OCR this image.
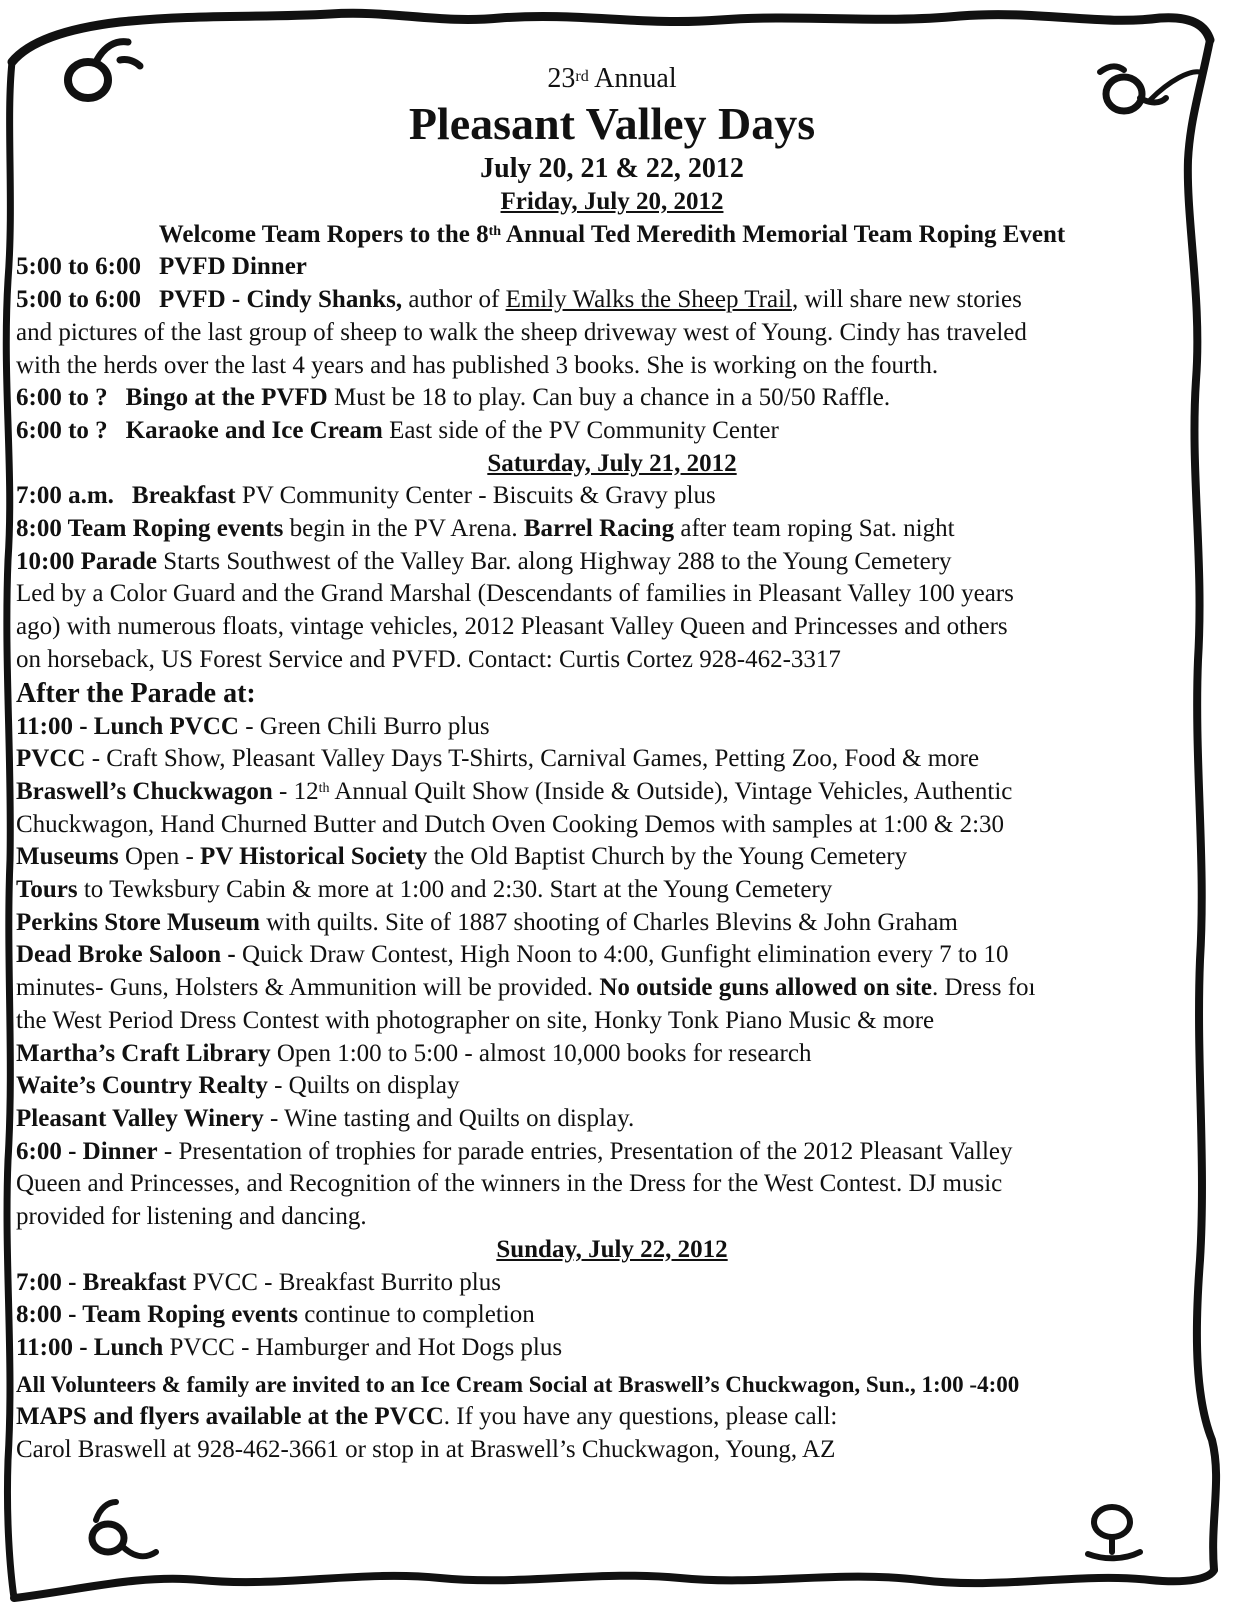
23rd Annual
Pleasant Valley Days
July 20, 21 & 22, 2012
Friday, July 20, 2012
Welcome Team Ropers to the 8th Annual Ted Meredith Memorial Team Roping Event
5:00 to 6:00 PVFD Dinner
5:00 to 6:00 PVFD - Cindy Shanks, author of Emily Walks the Sheep Trail, will share new stories
and pictures of the last group of sheep to walk the sheep driveway west of Young. Cindy has traveled
with the herds over the last 4 years and has published 3 books. She is working on the fourth.
6:00 to ? Bingo at the PVFD Must be 18 to play. Can buy a chance in a 50/50 Raffle.
6:00 to ? Karaoke and Ice Cream East side of the PV Community Center
Saturday, July 21, 2012
7:00 a.m. Breakfast PV Community Center - Biscuits & Gravy plus
8:00 Team Roping events begin in the PV Arena. Barrel Racing after team roping Sat. night
10:00 Parade Starts Southwest of the Valley Bar. along Highway 288 to the Young Cemetery
Led by a Color Guard and the Grand Marshal (Descendants of families in Pleasant Valley 100 years
ago) with numerous floats, vintage vehicles, 2012 Pleasant Valley Queen and Princesses and others
on horseback, US Forest Service and PVFD. Contact: Curtis Cortez 928-462-3317
After the Parade at:
11:00 - Lunch PVCC - Green Chili Burro plus
PVCC - Craft Show, Pleasant Valley Days T-Shirts, Carnival Games, Petting Zoo, Food & more
Braswell’s Chuckwagon - 12th Annual Quilt Show (Inside & Outside), Vintage Vehicles, Authentic
Chuckwagon, Hand Churned Butter and Dutch Oven Cooking Demos with samples at 1:00 & 2:30
Museums Open - PV Historical Society the Old Baptist Church by the Young Cemetery
Tours to Tewksbury Cabin & more at 1:00 and 2:30. Start at the Young Cemetery
Perkins Store Museum with quilts. Site of 1887 shooting of Charles Blevins & John Graham
Dead Broke Saloon - Quick Draw Contest, High Noon to 4:00, Gunfight elimination every 7 to 10
minutes- Guns, Holsters & Ammunition will be provided. No outside guns allowed on site. Dress foı
the West Period Dress Contest with photographer on site, Honky Tonk Piano Music & more
Martha’s Craft Library Open 1:00 to 5:00 - almost 10,000 books for research
Waite’s Country Realty - Quilts on display
Pleasant Valley Winery - Wine tasting and Quilts on display.
6:00 - Dinner - Presentation of trophies for parade entries, Presentation of the 2012 Pleasant Valley
Queen and Princesses, and Recognition of the winners in the Dress for the West Contest. DJ music
provided for listening and dancing.
Sunday, July 22, 2012
7:00 - Breakfast PVCC - Breakfast Burrito plus
8:00 - Team Roping events continue to completion
11:00 - Lunch PVCC - Hamburger and Hot Dogs plus
All Volunteers & family are invited to an Ice Cream Social at Braswell’s Chuckwagon, Sun., 1:00 -4:00
MAPS and flyers available at the PVCC. If you have any questions, please call:
Carol Braswell at 928-462-3661 or stop in at Braswell’s Chuckwagon, Young, AZ
